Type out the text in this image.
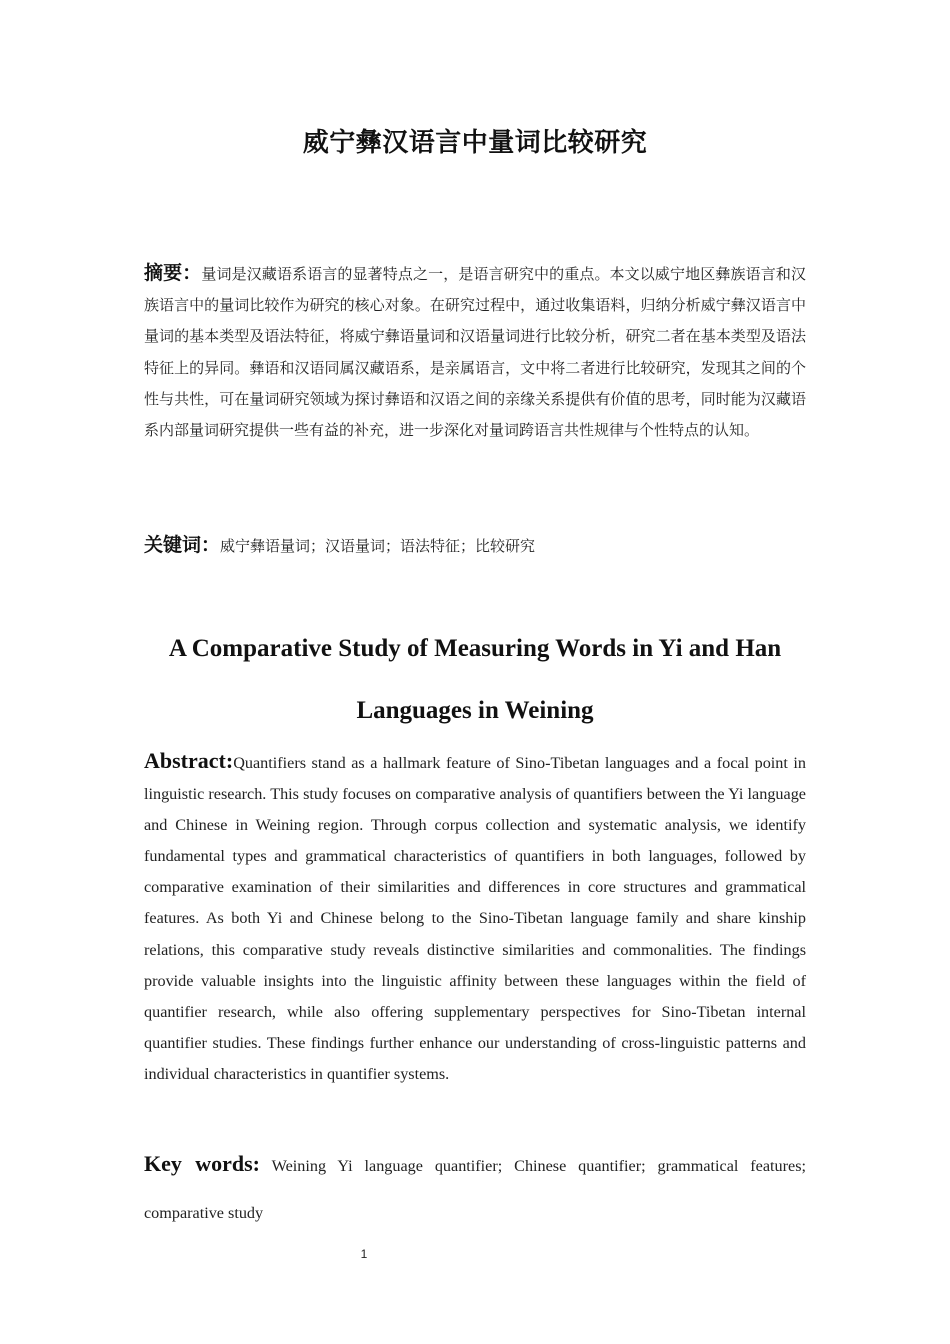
威宁彝汉语言中量词比较研究

摘要：量词是汉藏语系语言的显著特点之一，是语言研究中的重点。本文以威宁地区彝族语言和汉族语言中的量词比较作为研究的核心对象。在研究过程中，通过收集语料，归纳分析威宁彝汉语言中量词的基本类型及语法特征，将威宁彝语量词和汉语量词进行比较分析，研究二者在基本类型及语法特征上的异同。彝语和汉语同属汉藏语系，是亲属语言，文中将二者进行比较研究，发现其之间的个性与共性，可在量词研究领域为探讨彝语和汉语之间的亲缘关系提供有价值的思考，同时能为汉藏语系内部量词研究提供一些有益的补充，进一步深化对量词跨语言共性规律与个性特点的认知。

关键词：威宁彝语量词；汉语量词；语法特征；比较研究

A Comparative Study of Measuring Words in Yi and Han
Languages in Weining

Abstract:Quantifiers stand as a hallmark feature of Sino-Tibetan languages and a focal point in linguistic research. This study focuses on comparative analysis of quantifiers between the Yi language and Chinese in Weining region. Through corpus collection and systematic analysis, we identify fundamental types and grammatical characteristics of quantifiers in both languages, followed by comparative examination of their similarities and differences in core structures and grammatical features. As both Yi and Chinese belong to the Sino-Tibetan language family and share kinship relations, this comparative study reveals distinctive similarities and commonalities. The findings provide valuable insights into the linguistic affinity between these languages within the field of quantifier research, while also offering supplementary perspectives for Sino-Tibetan internal quantifier studies. These findings further enhance our understanding of cross-linguistic patterns and individual characteristics in quantifier systems.

Key words: Weining Yi language quantifier; Chinese quantifier; grammatical features; comparative study

1
